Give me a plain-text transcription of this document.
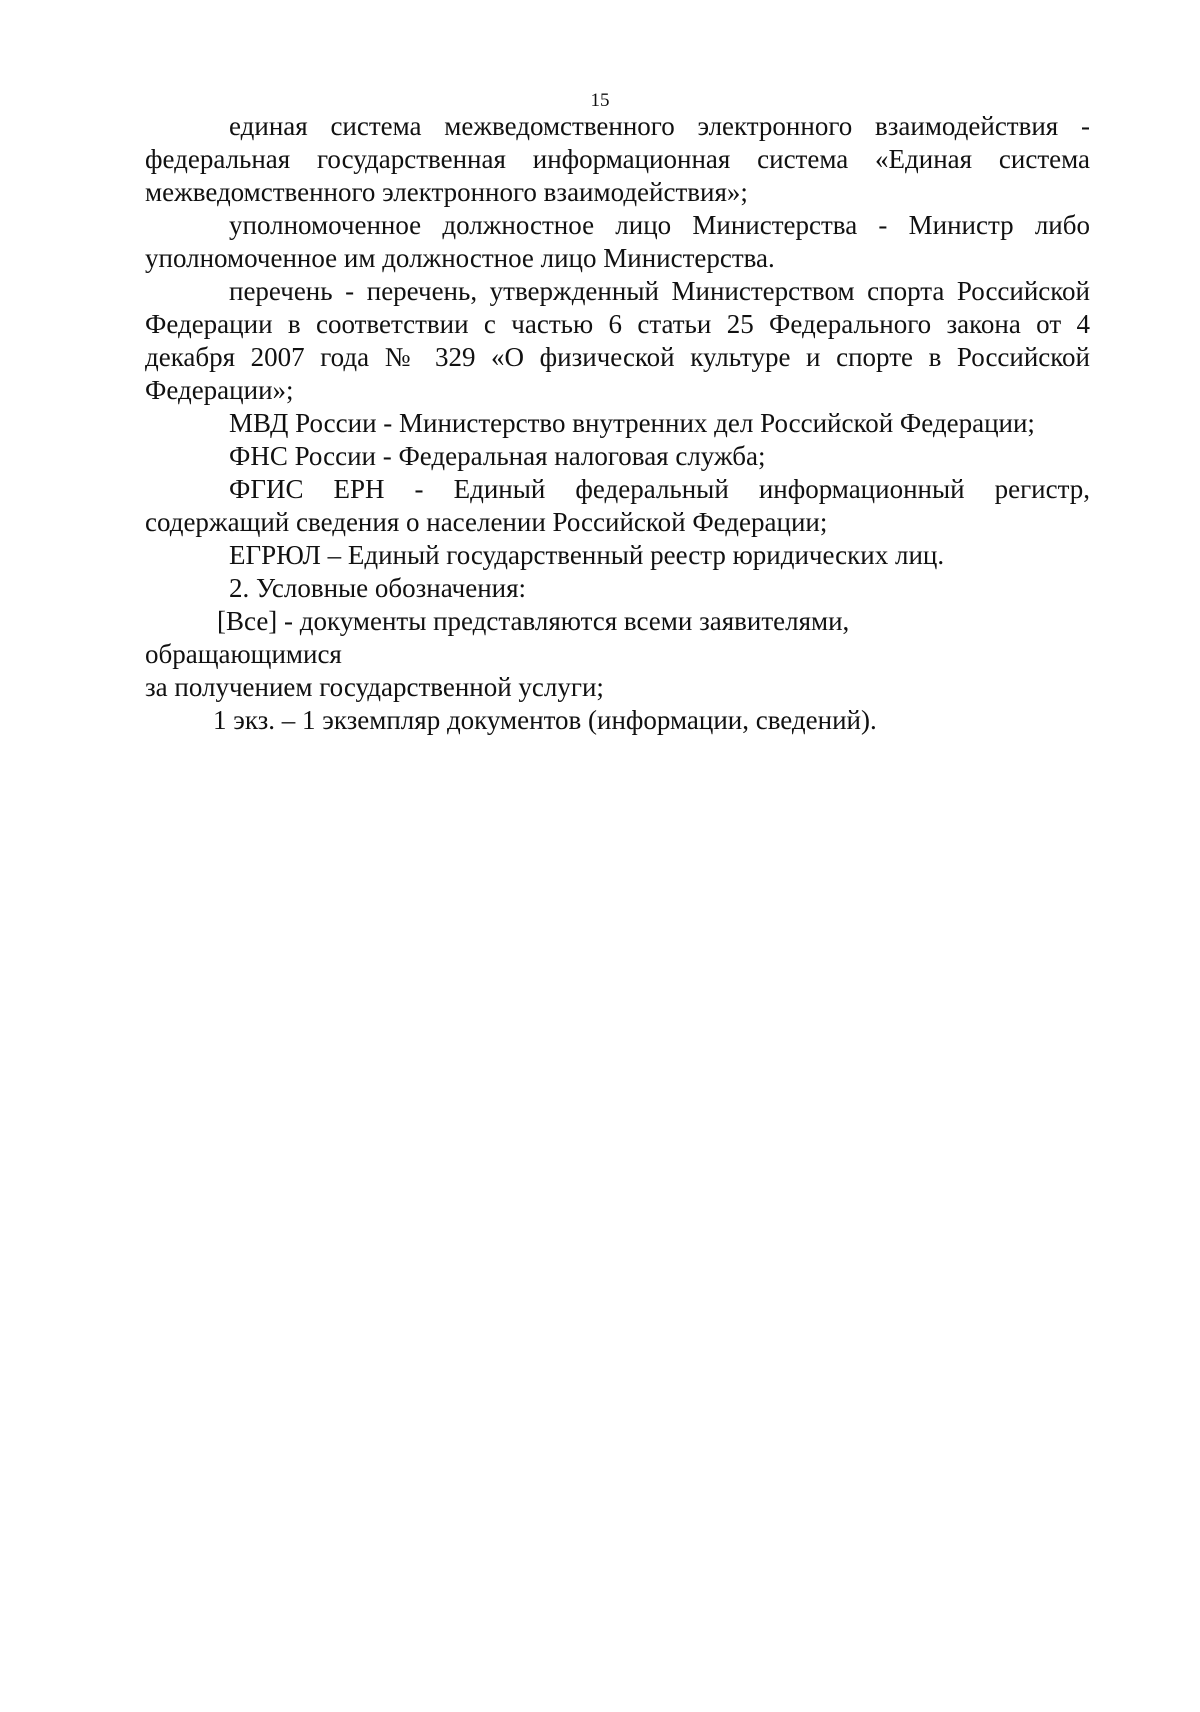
15

единая система межведомственного электронного взаимодействия - федеральная государственная информационная система «Единая система межведомственного электронного взаимодействия»;

уполномоченное должностное лицо Министерства - Министр либо уполномоченное им должностное лицо Министерства.

перечень - перечень, утвержденный Министерством спорта Российской Федерации в соответствии с частью 6 статьи 25 Федерального закона от 4 декабря 2007 года № 329 «О физической культуре и спорте в Российской Федерации»;

МВД России - Министерство внутренних дел Российской Федерации;

ФНС России - Федеральная налоговая служба;

ФГИС ЕРН - Единый федеральный информационный регистр, содержащий сведения о населении Российской Федерации;

ЕГРЮЛ – Единый государственный реестр юридических лиц.

2. Условные обозначения:

[Все] - документы представляются всеми заявителями,
обращающимися
за получением государственной услуги;
1 экз. – 1 экземпляр документов (информации, сведений).
